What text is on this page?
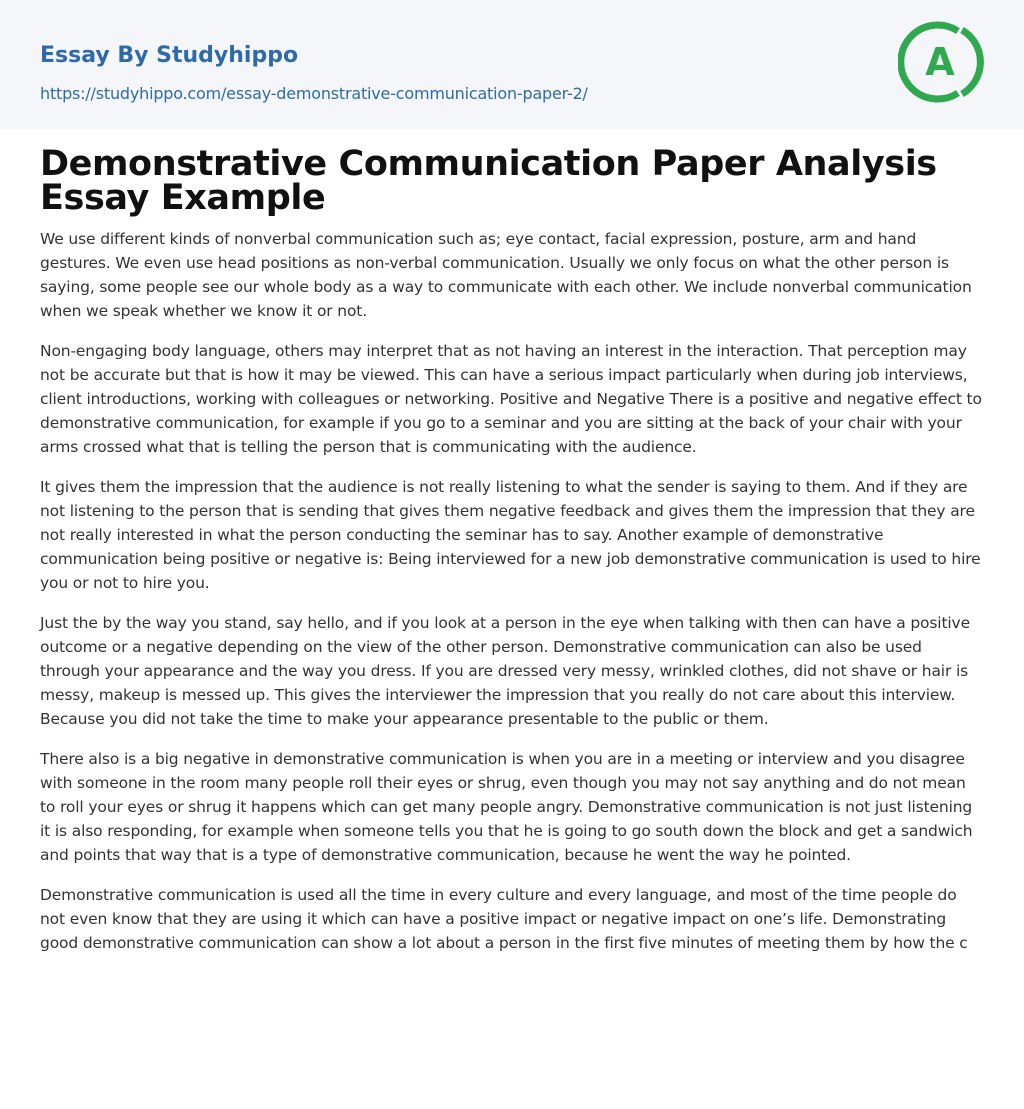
Essay By Studyhippo
https://studyhippo.com/essay-demonstrative-communication-paper-2/
A
Demonstrative Communication Paper Analysis Essay Example

We use different kinds of nonverbal communication such as; eye contact, facial expression, posture, arm and hand gestures. We even use head positions as non-verbal communication. Usually we only focus on what the other person is saying, some people see our whole body as a way to communicate with each other. We include nonverbal communication when we speak whether we know it or not.

Non-engaging body language, others may interpret that as not having an interest in the interaction. That perception may not be accurate but that is how it may be viewed. This can have a serious impact particularly when during job interviews, client introductions, working with colleagues or networking. Positive and Negative There is a positive and negative effect to demonstrative communication, for example if you go to a seminar and you are sitting at the back of your chair with your arms crossed what that is telling the person that is communicating with the audience.

It gives them the impression that the audience is not really listening to what the sender is saying to them. And if they are not listening to the person that is sending that gives them negative feedback and gives them the impression that they are not really interested in what the person conducting the seminar has to say. Another example of demonstrative communication being positive or negative is: Being interviewed for a new job demonstrative communication is used to hire you or not to hire you.

Just the by the way you stand, say hello, and if you look at a person in the eye when talking with then can have a positive outcome or a negative depending on the view of the other person. Demonstrative communication can also be used through your appearance and the way you dress. If you are dressed very messy, wrinkled clothes, did not shave or hair is messy, makeup is messed up. This gives the interviewer the impression that you really do not care about this interview. Because you did not take the time to make your appearance presentable to the public or them.

There also is a big negative in demonstrative communication is when you are in a meeting or interview and you disagree with someone in the room many people roll their eyes or shrug, even though you may not say anything and do not mean to roll your eyes or shrug it happens which can get many people angry. Demonstrative communication is not just listening it is also responding, for example when someone tells you that he is going to go south down the block and get a sandwich and points that way that is a type of demonstrative communication, because he went the way he pointed.

Demonstrative communication is used all the time in every culture and every language, and most of the time people do not even know that they are using it which can have a positive impact or negative impact on one’s life. Demonstrating good demonstrative communication can show a lot about a person in the first five minutes of meeting them by how the c
